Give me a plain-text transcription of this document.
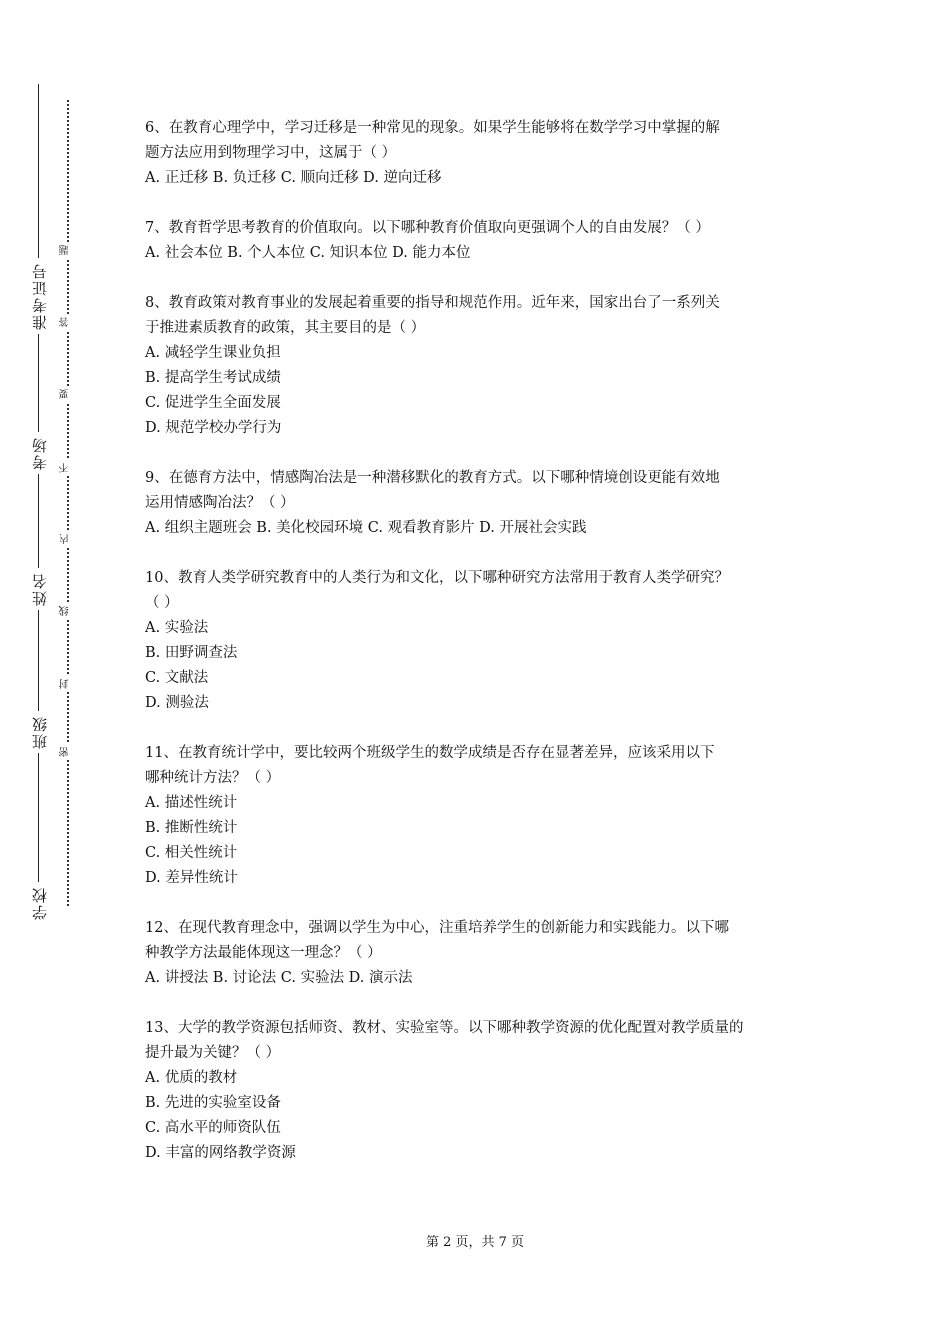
学校
班级
姓名
考场
准考证号
密
封
线
内
不
要
答
题

6、在教育心理学中，学习迁移是一种常见的现象。如果学生能够将在数学学习中掌握的解

题方法应用到物理学习中，这属于（ ）

A. 正迁移 B. 负迁移 C. 顺向迁移 D. 逆向迁移

7、教育哲学思考教育的价值取向。以下哪种教育价值取向更强调个人的自由发展？（ ）

A. 社会本位 B. 个人本位 C. 知识本位 D. 能力本位

8、教育政策对教育事业的发展起着重要的指导和规范作用。近年来，国家出台了一系列关

于推进素质教育的政策，其主要目的是（ ）

A. 减轻学生课业负担

B. 提高学生考试成绩

C. 促进学生全面发展

D. 规范学校办学行为

9、在德育方法中，情感陶冶法是一种潜移默化的教育方式。以下哪种情境创设更能有效地

运用情感陶冶法？（ ）

A. 组织主题班会 B. 美化校园环境 C. 观看教育影片 D. 开展社会实践

10、教育人类学研究教育中的人类行为和文化，以下哪种研究方法常用于教育人类学研究？

（ ）

A. 实验法

B. 田野调查法

C. 文献法

D. 测验法

11、在教育统计学中，要比较两个班级学生的数学成绩是否存在显著差异，应该采用以下

哪种统计方法？（ ）

A. 描述性统计

B. 推断性统计

C. 相关性统计

D. 差异性统计

12、在现代教育理念中，强调以学生为中心，注重培养学生的创新能力和实践能力。以下哪

种教学方法最能体现这一理念？（ ）

A. 讲授法 B. 讨论法 C. 实验法 D. 演示法

13、大学的教学资源包括师资、教材、实验室等。以下哪种教学资源的优化配置对教学质量的

提升最为关键？（ ）

A. 优质的教材

B. 先进的实验室设备

C. 高水平的师资队伍

D. 丰富的网络教学资源

第 2 页，共 7 页
